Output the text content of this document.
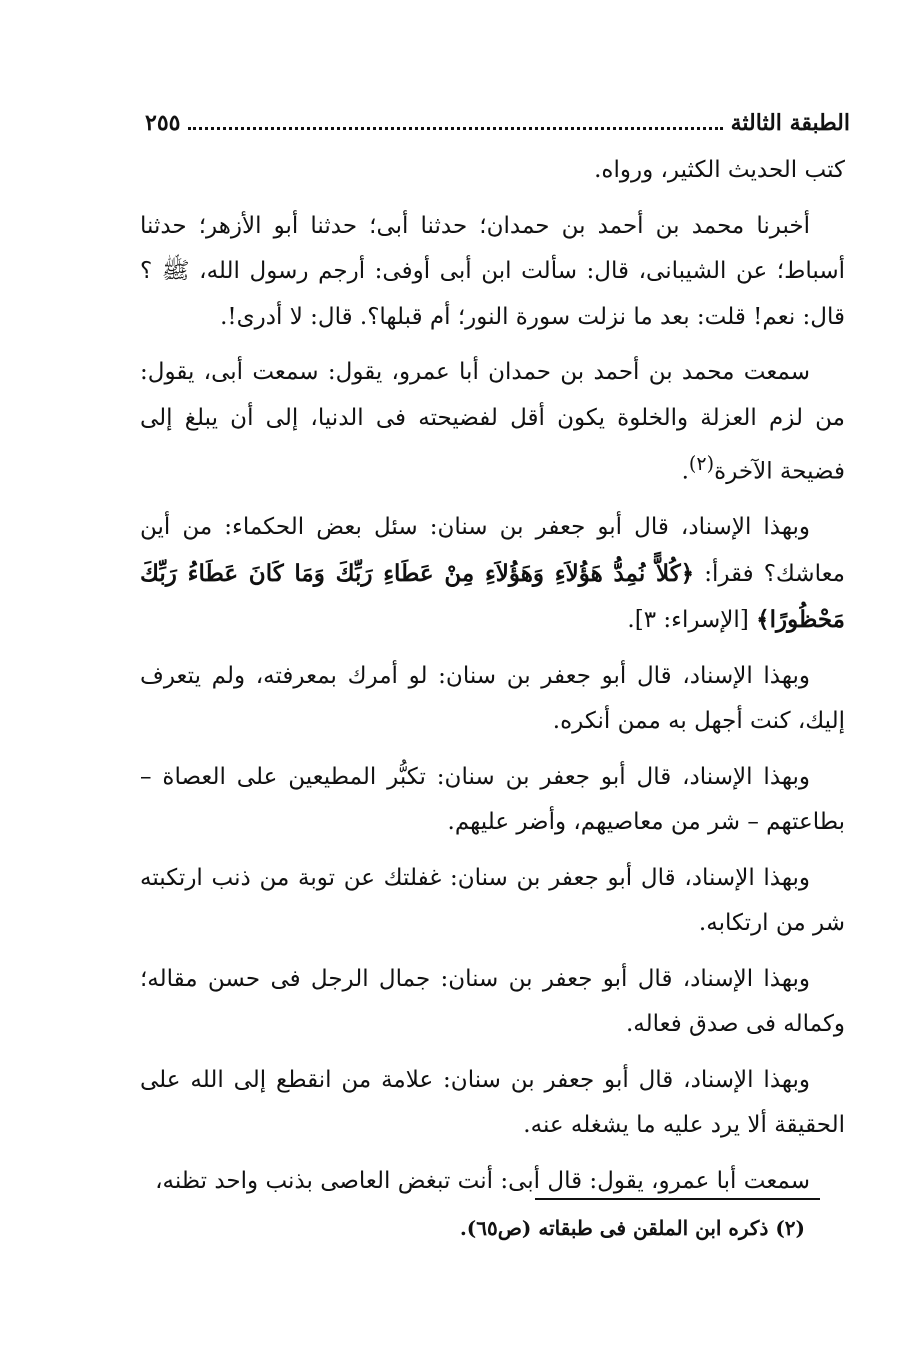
٢٥٥	الطبقة الثالثة

كتب الحديث الكثير، ورواه.

أخبرنا محمد بن أحمد بن حمدان؛ حدثنا أبى؛ حدثنا أبو الأزهر؛ حدثنا أسباط؛ عن الشيبانى، قال: سألت ابن أبى أوفى: أرجم رسول الله، ﷺ ؟ قال: نعم! قلت: بعد ما نزلت سورة النور؛ أم قبلها؟. قال: لا أدرى!.

سمعت محمد بن أحمد بن حمدان أبا عمرو، يقول: سمعت أبى، يقول: من لزم العزلة والخلوة يكون أقل لفضيحته فى الدنيا، إلى أن يبلغ إلى فضيحة الآخرة$^{(٢)}$.

وبهذا الإسناد، قال أبو جعفر بن سنان: سئل بعض الحكماء: من أين معاشك؟ فقرأ: ﴿كُلاًّ نُمِدُّ هَؤُلاَءِ وَهَؤُلاَءِ مِنْ عَطَاءِ رَبِّكَ وَمَا كَانَ عَطَاءُ رَبِّكَ مَحْظُورًا﴾ [الإسراء: ٣].

وبهذا الإسناد، قال أبو جعفر بن سنان: لو أمرك بمعرفته، ولم يتعرف إليك، كنت أجهل به ممن أنكره.

وبهذا الإسناد، قال أبو جعفر بن سنان: تكبُّر المطيعين على العصاة – بطاعتهم – شر من معاصيهم، وأضر عليهم.

وبهذا الإسناد، قال أبو جعفر بن سنان: غفلتك عن توبة من ذنب ارتكبته شر من ارتكابه.

وبهذا الإسناد، قال أبو جعفر بن سنان: جمال الرجل فى حسن مقاله؛ وكماله فى صدق فعاله.

وبهذا الإسناد، قال أبو جعفر بن سنان: علامة من انقطع إلى الله على الحقيقة ألا يرد عليه ما يشغله عنه.

سمعت أبا عمرو، يقول: قال أبى: أنت تبغض العاصى بذنب واحد تظنه،

(٢) ذكره ابن الملقن فى طبقاته (ص٦٥).
